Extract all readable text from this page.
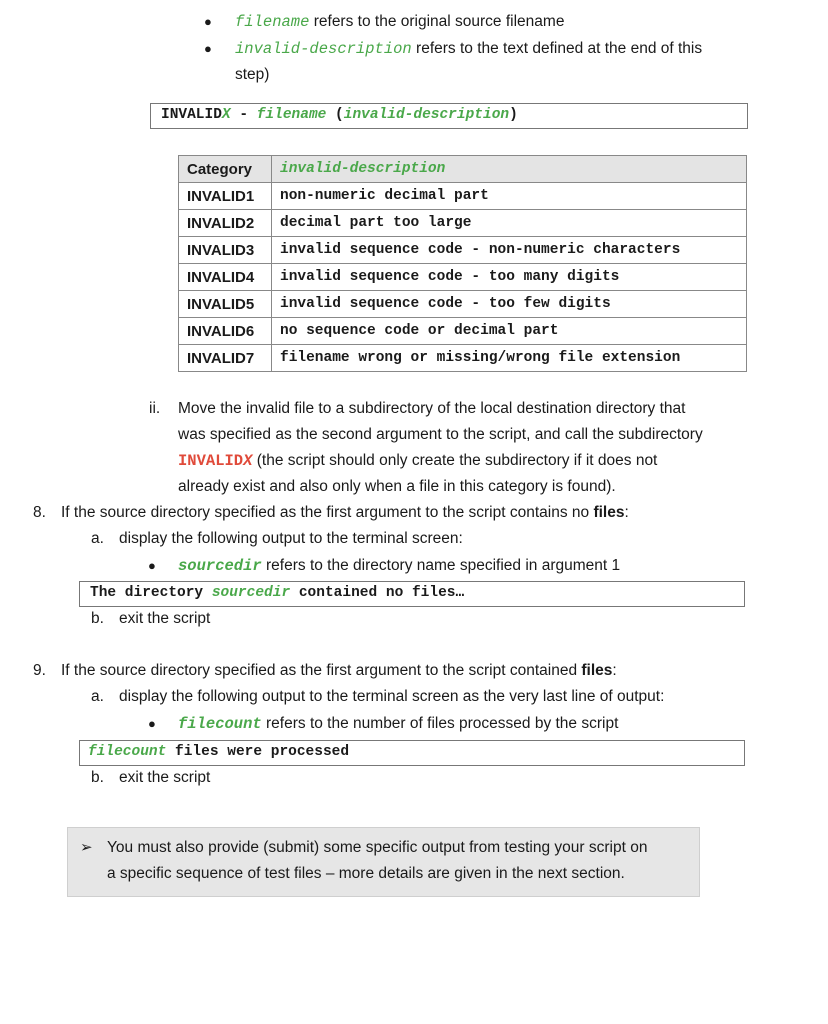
● filename refers to the original source filename
● invalid-description refers to the text defined at the end of this
step)
INVALIDX - filename (invalid-description)
Category	invalid-description
INVALID1	non-numeric decimal part
INVALID2	decimal part too large
INVALID3	invalid sequence code - non-numeric characters
INVALID4	invalid sequence code - too many digits
INVALID5	invalid sequence code - too few digits
INVALID6	no sequence code or decimal part
INVALID7	filename wrong or missing/wrong file extension
ii. Move the invalid file to a subdirectory of the local destination directory that
was specified as the second argument to the script, and call the subdirectory
INVALIDX (the script should only create the subdirectory if it does not
already exist and also only when a file in this category is found).
8. If the source directory specified as the first argument to the script contains no files:
a. display the following output to the terminal screen:
● sourcedir refers to the directory name specified in argument 1
The directory sourcedir contained no files…
b. exit the script
9. If the source directory specified as the first argument to the script contained files:
a. display the following output to the terminal screen as the very last line of output:
● filecount refers to the number of files processed by the script
filecount files were processed
b. exit the script
➢ You must also provide (submit) some specific output from testing your script on
a specific sequence of test files – more details are given in the next section.
